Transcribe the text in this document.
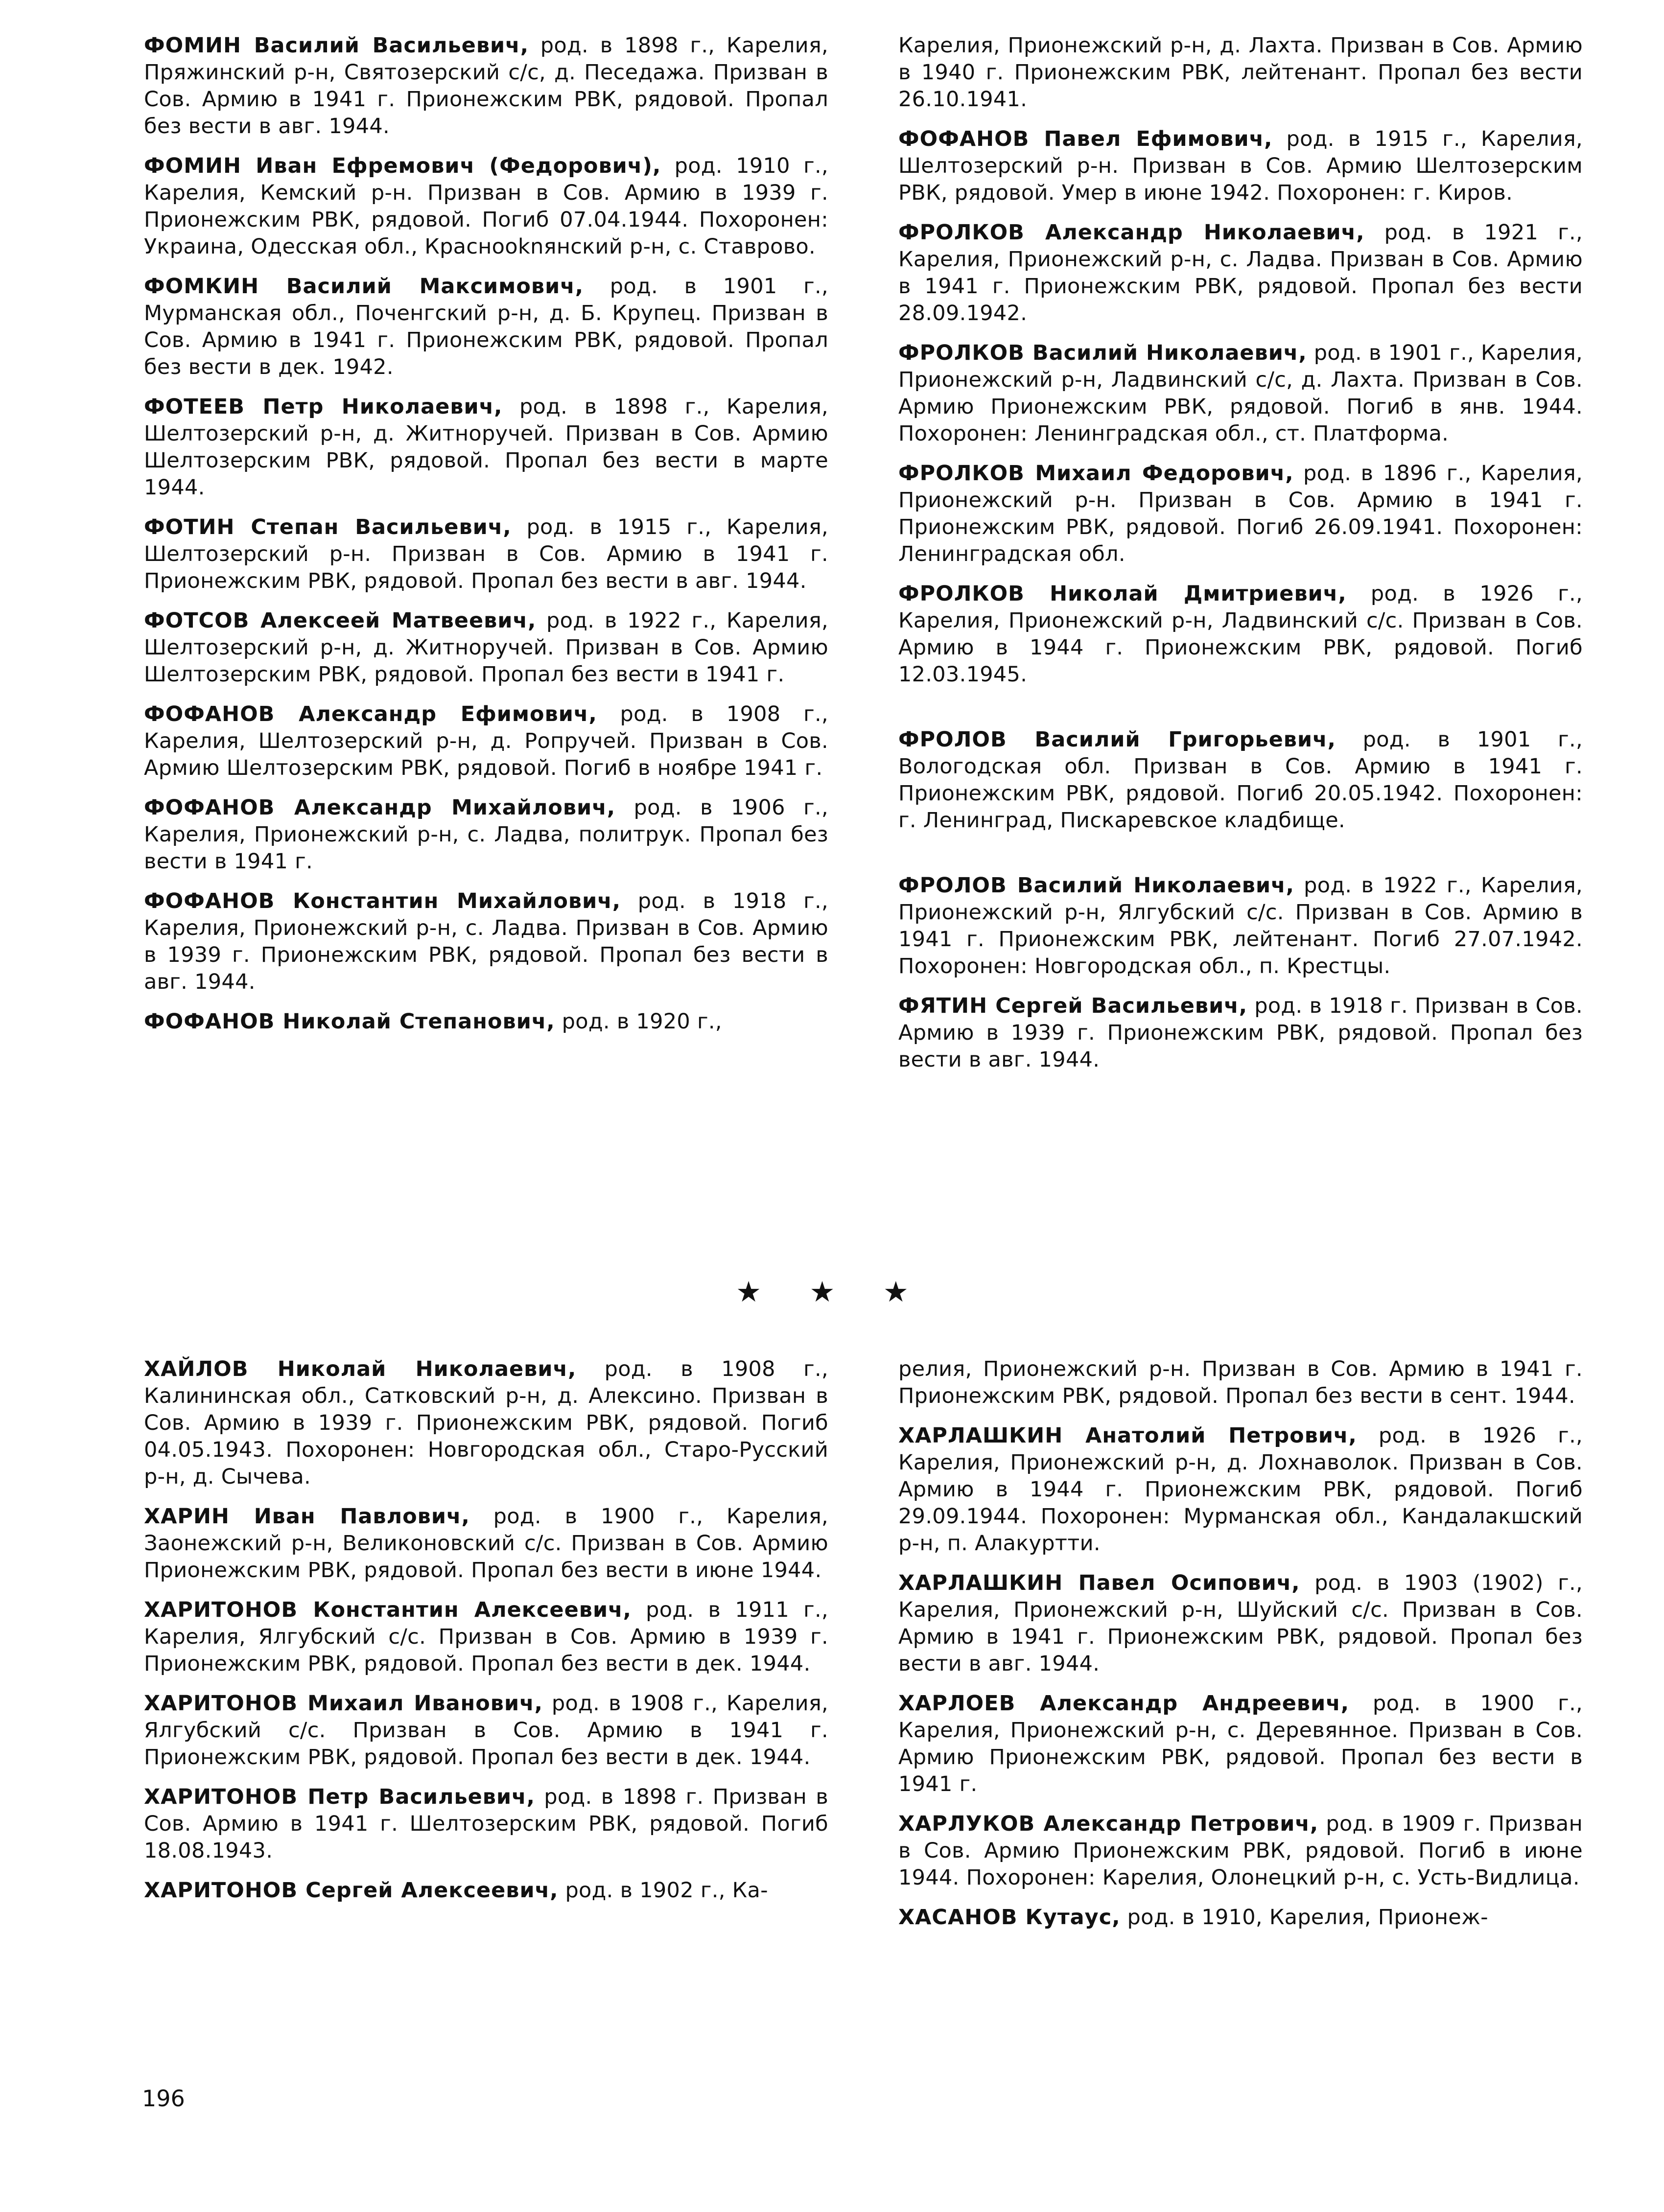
ФОМИН Василий Васильевич, род. в 1898 г., Карелия, Пряжинский р-н, Святозерский с/с, д. Песедажа. Призван в Сов. Армию в 1941 г. Прионежским РВК, рядовой. Пропал без вести в авг. 1944.

ФОМИН Иван Ефремович (Федорович), род. 1910 г., Карелия, Кемский р-н. Призван в Сов. Армию в 1939 г. Прионежским РВК, рядовой. Погиб 07.04.1944. Похоронен: Украина, Одесская обл., Краснооknянский р-н, с. Ставрово.

ФОМКИН Василий Максимович, род. в 1901 г., Мурманская обл., Поченгский р-н, д. Б. Крупец. Призван в Сов. Армию в 1941 г. Прионежским РВК, рядовой. Пропал без вести в дек. 1942.

ФОТЕЕВ Петр Николаевич, род. в 1898 г., Карелия, Шелтозерский р-н, д. Житноручей. Призван в Сов. Армию Шелтозерским РВК, рядовой. Пропал без вести в марте 1944.

ФОТИН Степан Васильевич, род. в 1915 г., Карелия, Шелтозерский р-н. Призван в Сов. Армию в 1941 г. Прионежским РВК, рядовой. Пропал без вести в авг. 1944.

ФОТСОВ Алексеей Матвеевич, род. в 1922 г., Карелия, Шелтозерский р-н, д. Житноручей. Призван в Сов. Армию Шелтозерским РВК, рядовой. Пропал без вести в 1941 г.

ФОФАНОВ Александр Ефимович, род. в 1908 г., Карелия, Шелтозерский р-н, д. Ропручей. Призван в Сов. Армию Шелтозерским РВК, рядовой. Погиб в ноябре 1941 г.

ФОФАНОВ Александр Михайлович, род. в 1906 г., Карелия, Прионежский р-н, с. Ладва, политрук. Пропал без вести в 1941 г.

ФОФАНОВ Константин Михайлович, род. в 1918 г., Карелия, Прионежский р-н, с. Ладва. Призван в Сов. Армию в 1939 г. Прионежским РВК, рядовой. Пропал без вести в авг. 1944.

ФОФАНОВ Николай Степанович, род. в 1920 г.,

Карелия, Прионежский р-н, д. Лахта. Призван в Сов. Армию в 1940 г. Прионежским РВК, лейтенант. Пропал без вести 26.10.1941.

ФОФАНОВ Павел Ефимович, род. в 1915 г., Карелия, Шелтозерский р-н. Призван в Сов. Армию Шелтозерским РВК, рядовой. Умер в июне 1942. Похоронен: г. Киров.

ФРОЛКОВ Александр Николаевич, род. в 1921 г., Карелия, Прионежский р-н, с. Ладва. Призван в Сов. Армию в 1941 г. Прионежским РВК, рядовой. Пропал без вести 28.09.1942.

ФРОЛКОВ Василий Николаевич, род. в 1901 г., Карелия, Прионежский р-н, Ладвинский с/с, д. Лахта. Призван в Сов. Армию Прионежским РВК, рядовой. Погиб в янв. 1944. Похоронен: Ленинградская обл., ст. Платформа.

ФРОЛКОВ Михаил Федорович, род. в 1896 г., Карелия, Прионежский р-н. Призван в Сов. Армию в 1941 г. Прионежским РВК, рядовой. Погиб 26.09.1941. Похоронен: Ленинградская обл.

ФРОЛКОВ Николай Дмитриевич, род. в 1926 г., Карелия, Прионежский р-н, Ладвинский с/с. Призван в Сов. Армию в 1944 г. Прионежским РВК, рядовой. Погиб 12.03.1945.

ФРОЛОВ Василий Григорьевич, род. в 1901 г., Вологодская обл. Призван в Сов. Армию в 1941 г. Прионежским РВК, рядовой. Погиб 20.05.1942. Похоронен: г. Ленинград, Пискаревское кладбище.

ФРОЛОВ Василий Николаевич, род. в 1922 г., Карелия, Прионежский р-н, Ялгубский с/с. Призван в Сов. Армию в 1941 г. Прионежским РВК, лейтенант. Погиб 27.07.1942. Похоронен: Новгородская обл., п. Крестцы.

ФЯТИН Сергей Васильевич, род. в 1918 г. Призван в Сов. Армию в 1939 г. Прионежским РВК, рядовой. Пропал без вести в авг. 1944.

★ ★ ★

ХАЙЛОВ Николай Николаевич, род. в 1908 г., Калининская обл., Сатковский р-н, д. Алексино. Призван в Сов. Армию в 1939 г. Прионежским РВК, рядовой. Погиб 04.05.1943. Похоронен: Новгородская обл., Старо-Русский р-н, д. Сычева.

ХАРИН Иван Павлович, род. в 1900 г., Карелия, Заонежский р-н, Великоновский с/с. Призван в Сов. Армию Прионежским РВК, рядовой. Пропал без вести в июне 1944.

ХАРИТОНОВ Константин Алексеевич, род. в 1911 г., Карелия, Ялгубский с/с. Призван в Сов. Армию в 1939 г. Прионежским РВК, рядовой. Пропал без вести в дек. 1944.

ХАРИТОНОВ Михаил Иванович, род. в 1908 г., Карелия, Ялгубский с/с. Призван в Сов. Армию в 1941 г. Прионежским РВК, рядовой. Пропал без вести в дек. 1944.

ХАРИТОНОВ Петр Васильевич, род. в 1898 г. Призван в Сов. Армию в 1941 г. Шелтозерским РВК, рядовой. Погиб 18.08.1943.

ХАРИТОНОВ Сергей Алексеевич, род. в 1902 г., Ка-

релия, Прионежский р-н. Призван в Сов. Армию в 1941 г. Прионежским РВК, рядовой. Пропал без вести в сент. 1944.

ХАРЛАШКИН Анатолий Петрович, род. в 1926 г., Карелия, Прионежский р-н, д. Лохнаволок. Призван в Сов. Армию в 1944 г. Прионежским РВК, рядовой. Погиб 29.09.1944. Похоронен: Мурманская обл., Кандалакшский р-н, п. Алакуртти.

ХАРЛАШКИН Павел Осипович, род. в 1903 (1902) г., Карелия, Прионежский р-н, Шуйский с/с. Призван в Сов. Армию в 1941 г. Прионежским РВК, рядовой. Пропал без вести в авг. 1944.

ХАРЛОЕВ Александр Андреевич, род. в 1900 г., Карелия, Прионежский р-н, с. Деревянное. Призван в Сов. Армию Прионежским РВК, рядовой. Пропал без вести в 1941 г.

ХАРЛУКОВ Александр Петрович, род. в 1909 г. Призван в Сов. Армию Прионежским РВК, рядовой. Погиб в июне 1944. Похоронен: Карелия, Олонецкий р-н, с. Усть-Видлица.

ХАСАНОВ Кутаус, род. в 1910, Карелия, Прионеж-

196
